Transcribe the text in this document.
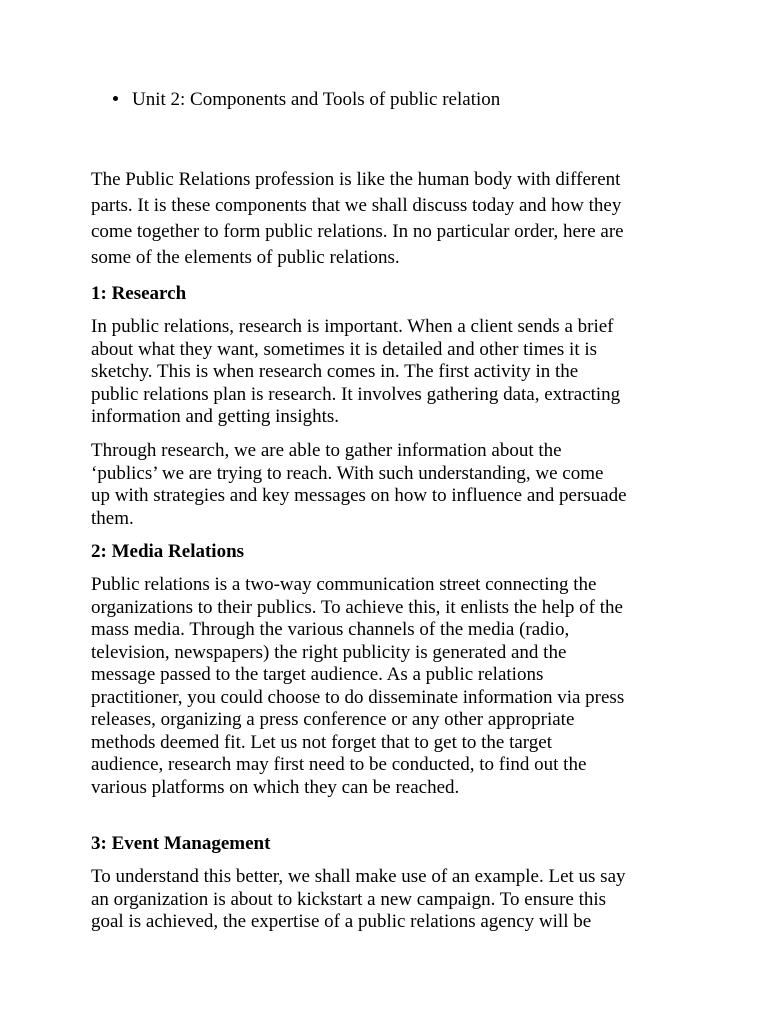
Unit 2: Components and Tools of public relation

The Public Relations profession is like the human body with different
parts. It is these components that we shall discuss today and how they
come together to form public relations. In no particular order, here are
some of the elements of public relations.

1: Research

In public relations, research is important. When a client sends a brief
about what they want, sometimes it is detailed and other times it is
sketchy. This is when research comes in. The first activity in the
public relations plan is research. It involves gathering data, extracting
information and getting insights.

Through research, we are able to gather information about the
‘publics’ we are trying to reach. With such understanding, we come
up with strategies and key messages on how to influence and persuade
them.

2: Media Relations

Public relations is a two-way communication street connecting the
organizations to their publics. To achieve this, it enlists the help of the
mass media. Through the various channels of the media (radio,
television, newspapers) the right publicity is generated and the
message passed to the target audience. As a public relations
practitioner, you could choose to do disseminate information via press
releases, organizing a press conference or any other appropriate
methods deemed fit. Let us not forget that to get to the target
audience, research may first need to be conducted, to find out the
various platforms on which they can be reached.

3: Event Management

To understand this better, we shall make use of an example. Let us say
an organization is about to kickstart a new campaign. To ensure this
goal is achieved, the expertise of a public relations agency will be
